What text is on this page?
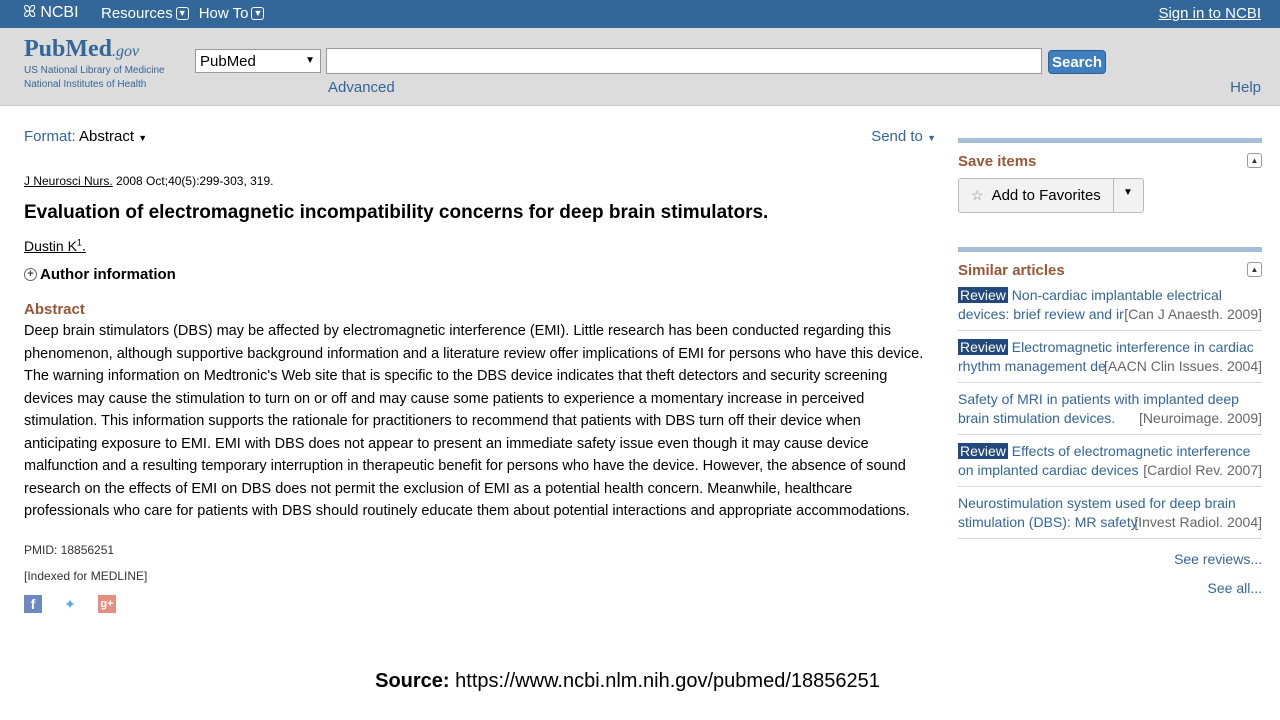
ꕤ NCBI Resources ▼ How To ▼	Sign in to NCBI
PubMed.gov
US National Library of Medicine
National Institutes of Health
PubMed	▼	Search
Advanced	Help
Format: Abstract ▼	Send to ▼
J Neurosci Nurs. 2008 Oct;40(5):299-303, 319.
Evaluation of electromagnetic incompatibility concerns for deep brain stimulators.
Dustin $K^1$.
+ Author information
Abstract

Deep brain stimulators (DBS) may be affected by electromagnetic interference (EMI). Little research has been conducted regarding this phenomenon, although supportive background information and a literature review offer implications of EMI for persons who have this device. The warning information on Medtronic's Web site that is specific to the DBS device indicates that theft detectors and security screening devices may cause the stimulation to turn on or off and may cause some patients to experience a momentary increase in perceived stimulation. This information supports the rationale for practitioners to recommend that patients with DBS turn off their device when anticipating exposure to EMI. EMI with DBS does not appear to present an immediate safety issue even though it may cause device malfunction and a resulting temporary interruption in therapeutic benefit for persons who have the device. However, the absence of sound research on the effects of EMI on DBS does not permit the exclusion of EMI as a potential health concern. Meanwhile, healthcare professionals who care for patients with DBS should routinely educate them about potential interactions and appropriate accommodations.

PMID: 18856251
[Indexed for MEDLINE]
f	✦ g+
Save items	▲
☆ Add to Favorites ▼
Similar articles	▲
Review Non-cardiac implantable electrical
[Can J Anaesth. 2009]
devices: brief review and ir
Review Electromagnetic interference in cardiac
[AACN Clin Issues. 2004]
rhythm management de
Safety of MRI in patients with implanted deep
[Neuroimage. 2009]
brain stimulation devices.
Review Effects of electromagnetic interference
[Cardiol Rev. 2007]
on implanted cardiac devices
Neurostimulation system used for deep brain
[Invest Radiol. 2004]
stimulation (DBS): MR safety
See reviews...
See all...
Source: https://www.ncbi.nlm.nih.gov/pubmed/18856251
